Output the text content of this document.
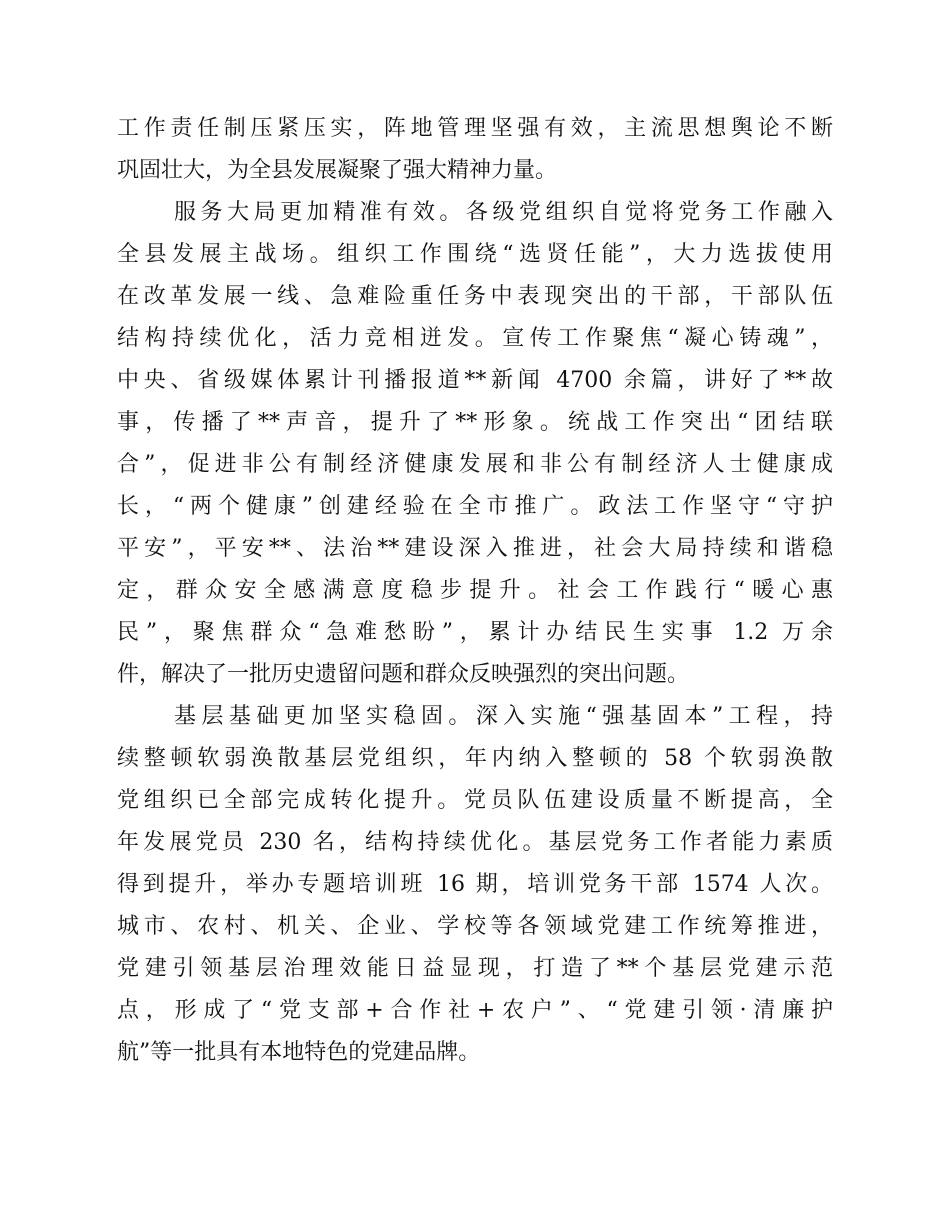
工作责任制压紧压实，阵地管理坚强有效，主流思想舆论不断
巩固壮大，为全县发展凝聚了强大精神力量。
服务大局更加精准有效。各级党组织自觉将党务工作融入
全县发展主战场。组织工作围绕“选贤任能”，大力选拔使用
在改革发展一线、急难险重任务中表现突出的干部，干部队伍
结构持续优化，活力竞相迸发。宣传工作聚焦“凝心铸魂”，
中央、省级媒体累计刊播报道**新闻 4700 余篇，讲好了**故
事，传播了**声音，提升了**形象。统战工作突出“团结联
合”，促进非公有制经济健康发展和非公有制经济人士健康成
长，“两个健康”创建经验在全市推广。政法工作坚守“守护
平安”，平安**、法治**建设深入推进，社会大局持续和谐稳
定，群众安全感满意度稳步提升。社会工作践行“暖心惠
民”，聚焦群众“急难愁盼”，累计办结民生实事 1.2 万余
件，解决了一批历史遗留问题和群众反映强烈的突出问题。
基层基础更加坚实稳固。深入实施“强基固本”工程，持
续整顿软弱涣散基层党组织，年内纳入整顿的 58 个软弱涣散
党组织已全部完成转化提升。党员队伍建设质量不断提高，全
年发展党员 230 名，结构持续优化。基层党务工作者能力素质
得到提升，举办专题培训班 16 期，培训党务干部 1574 人次。
城市、农村、机关、企业、学校等各领域党建工作统筹推进，
党建引领基层治理效能日益显现，打造了**个基层党建示范
点，形成了“党支部+合作社+农户”、“党建引领·清廉护
航”等一批具有本地特色的党建品牌。
